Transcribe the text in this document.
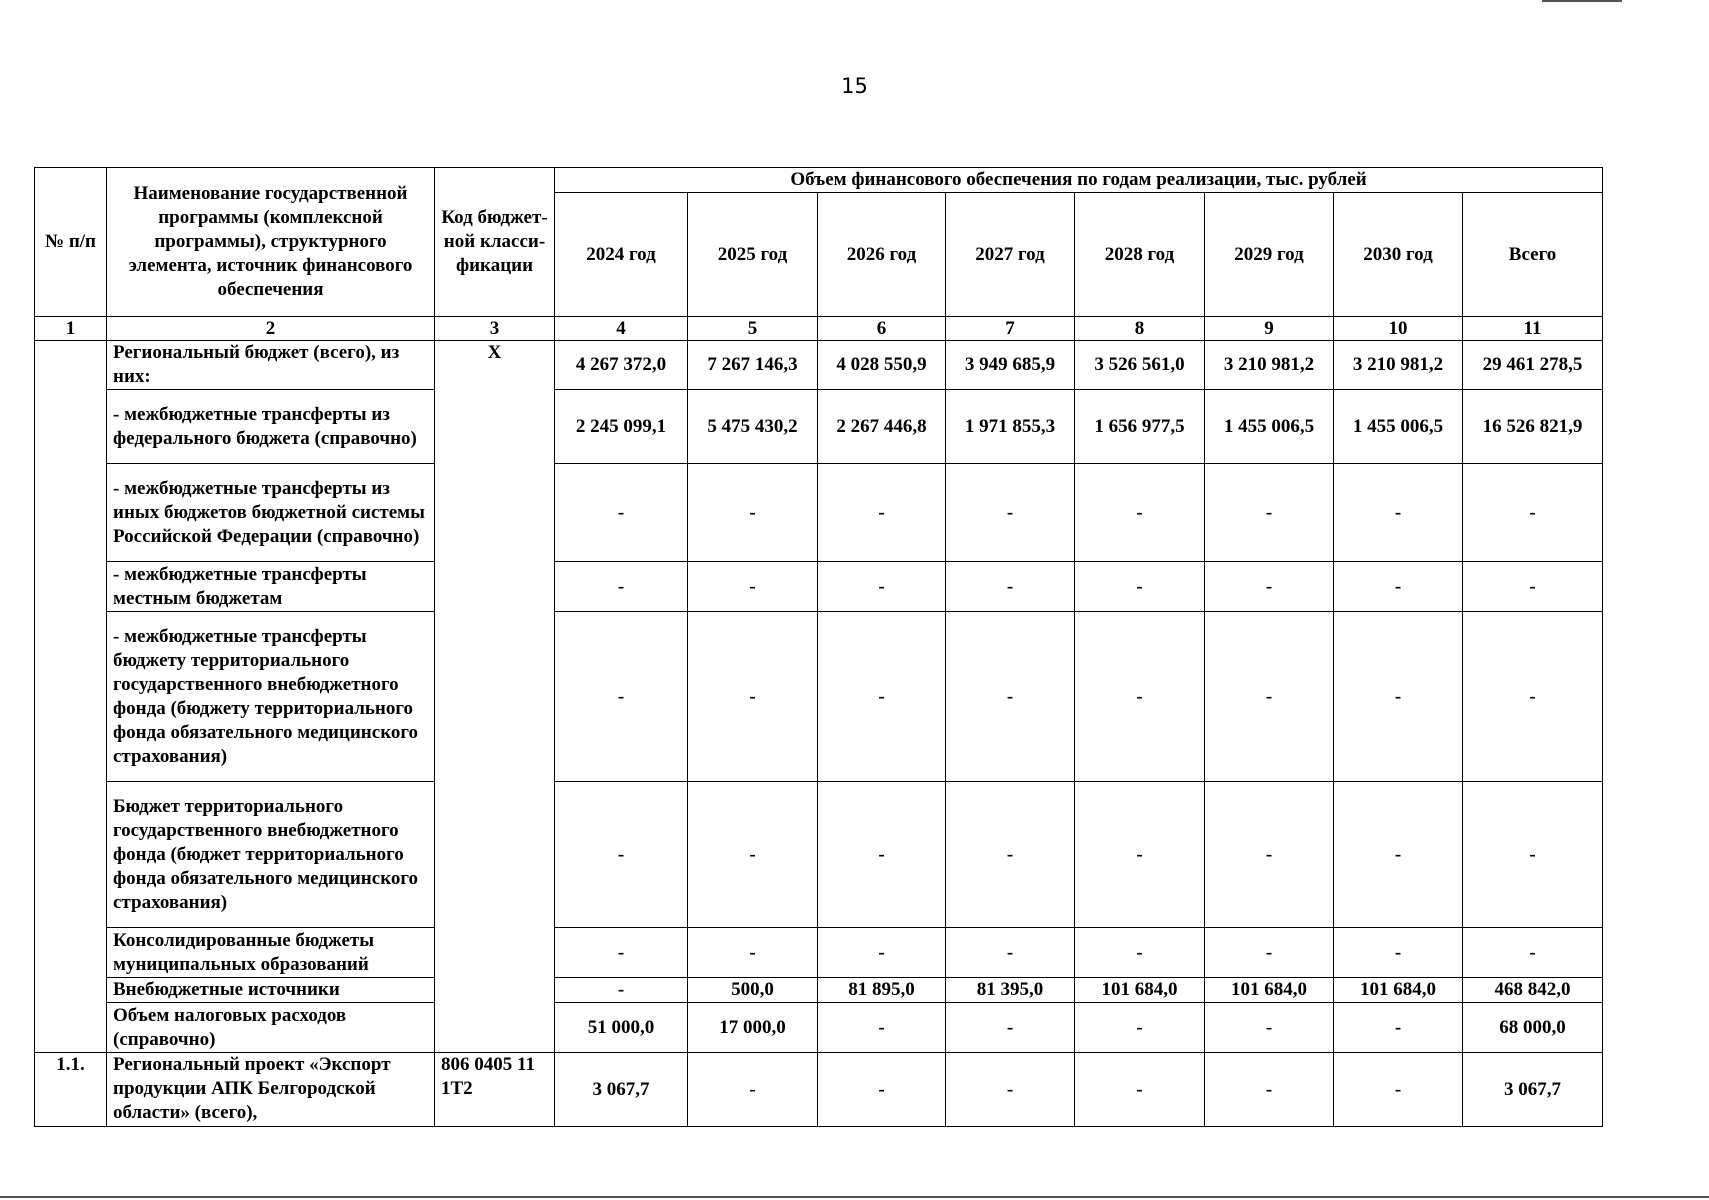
15
№ п/п	Наименование государственной программы (комплексной программы), структурного элемента, источник финансового обеспечения	Код бюджет-ной класси-фикации	Объем финансового обеспечения по годам реализации, тыс. рублей							
			2024 год	2025 год	2026 год	2027 год	2028 год	2029 год	2030 год	Всего
1	2	3	4	5	6	7	8	9	10	11
	Региональный бюджет (всего), из них:	Х	4 267 372,0	7 267 146,3	4 028 550,9	3 949 685,9	3 526 561,0	3 210 981,2	3 210 981,2	29 461 278,5
	- межбюджетные трансферты из федерального бюджета (справочно)		2 245 099,1	5 475 430,2	2 267 446,8	1 971 855,3	1 656 977,5	1 455 006,5	1 455 006,5	16 526 821,9
	- межбюджетные трансферты из иных бюджетов бюджетной системы Российской Федерации (справочно)		-	-	-	-	-	-	-	-
	- межбюджетные трансферты местным бюджетам		-	-	-	-	-	-	-	-
	- межбюджетные трансферты бюджету территориального государственного внебюджетного фонда (бюджету территориального фонда обязательного медицинского страхования)		-	-	-	-	-	-	-	-
	Бюджет территориального государственного внебюджетного фонда (бюджет территориального фонда обязательного медицинского страхования)		-	-	-	-	-	-	-	-
	Консолидированные бюджеты муниципальных образований		-	-	-	-	-	-	-	-
	Внебюджетные источники		-	500,0	81 895,0	81 395,0	101 684,0	101 684,0	101 684,0	468 842,0
	Объем налоговых расходов (справочно)		51 000,0	17 000,0	-	-	-	-	-	68 000,0
1.1.	Региональный проект «Экспорт продукции АПК Белгородской области» (всего),	806 0405 11 1Т2	3 067,7	-	-	-	-	-	-	3 067,7
